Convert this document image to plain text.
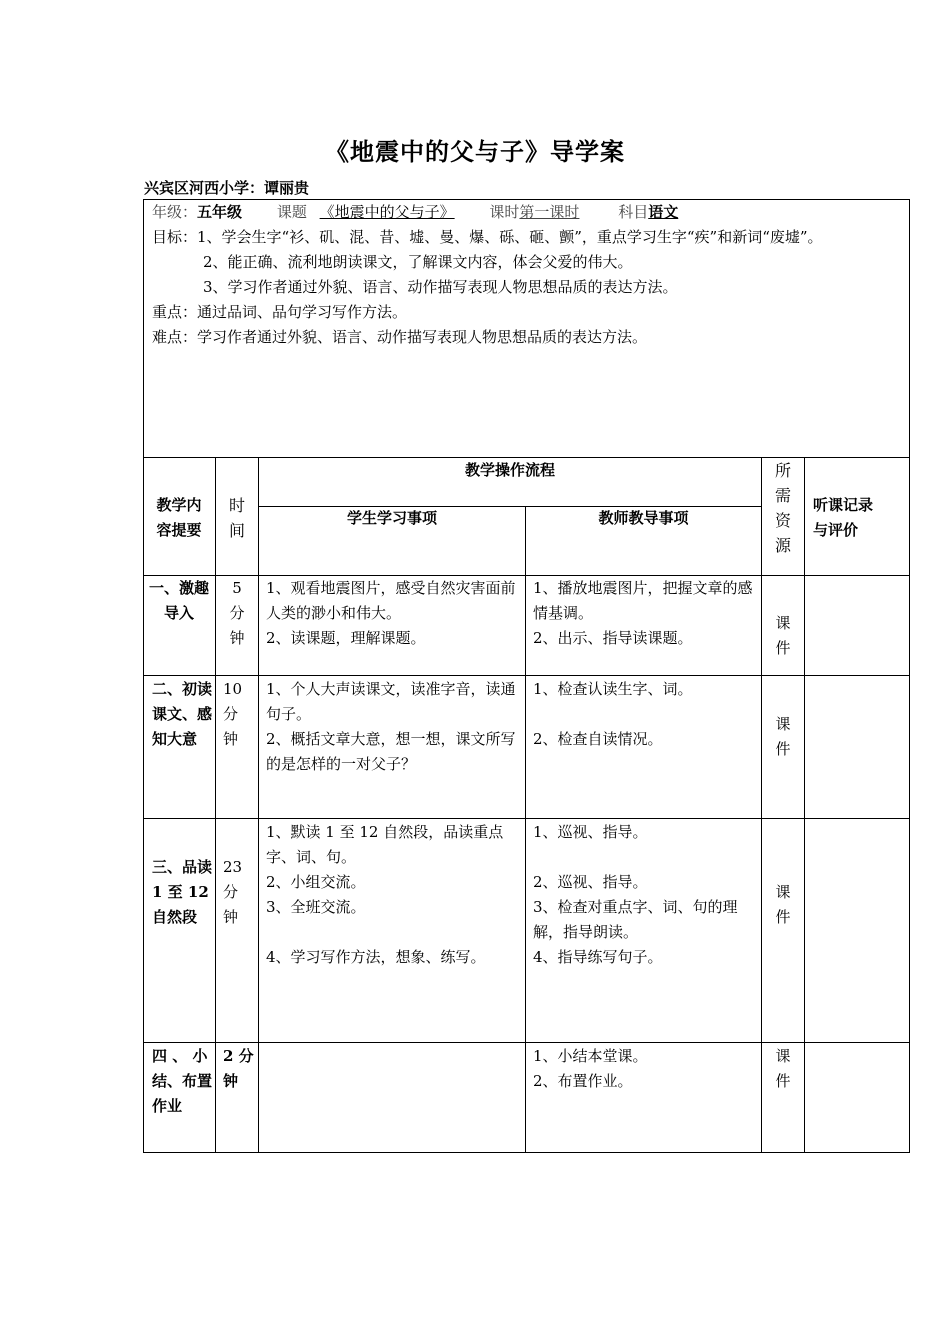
《地震中的父与子》导学案
兴宾区河西小学：谭丽贵
年级：五年级 课题 《地震中的父与子》 课时第一课时	科目语文
目标：1、学会生字“衫、矶、混、昔、墟、曼、爆、砾、砸、颤”，重点学习生字“疾”和新词“废墟”。
2、能正确、流利地朗读课文，了解课文内容，体会父爱的伟大。
3、学习作者通过外貌、语言、动作描写表现人物思想品质的表达方法。
重点：通过品词、品句学习写作方法。
难点：学习作者通过外貌、语言、动作描写表现人物思想品质的表达方法。
教学内
容提要
时
间
教学操作流程
学生学习事项	教师教导事项
所
需
资
源
听课记录
与评价
一、激趣
导入
5
分
钟
1、观看地震图片，感受自然灾害面前人类的渺小和伟大。
2、读课题，理解课题。
1、播放地震图片，把握文章的感情基调。
2、出示、指导读课题。
课
件
二、初读
课文、感
知大意
10
分
钟
1、个人大声读课文，读准字音，读通句子。
2、概括文章大意，想一想，课文所写的是怎样的一对父子？
1、检查认读生字、词。
2、检查自读情况。
课
件
三、品读
1 至 12
自然段
23
分
钟
1、默读 1 至 12 自然段，品读重点字、词、句。
2、小组交流。
3、全班交流。
4、学习写作方法，想象、练写。
1、巡视、指导。
2、巡视、指导。
3、检查对重点字、词、句的理解，指导朗读。
4、指导练写句子。
课
件
四 、 小
结、布置
作业
2 分
钟
1、小结本堂课。
2、布置作业。
课
件
